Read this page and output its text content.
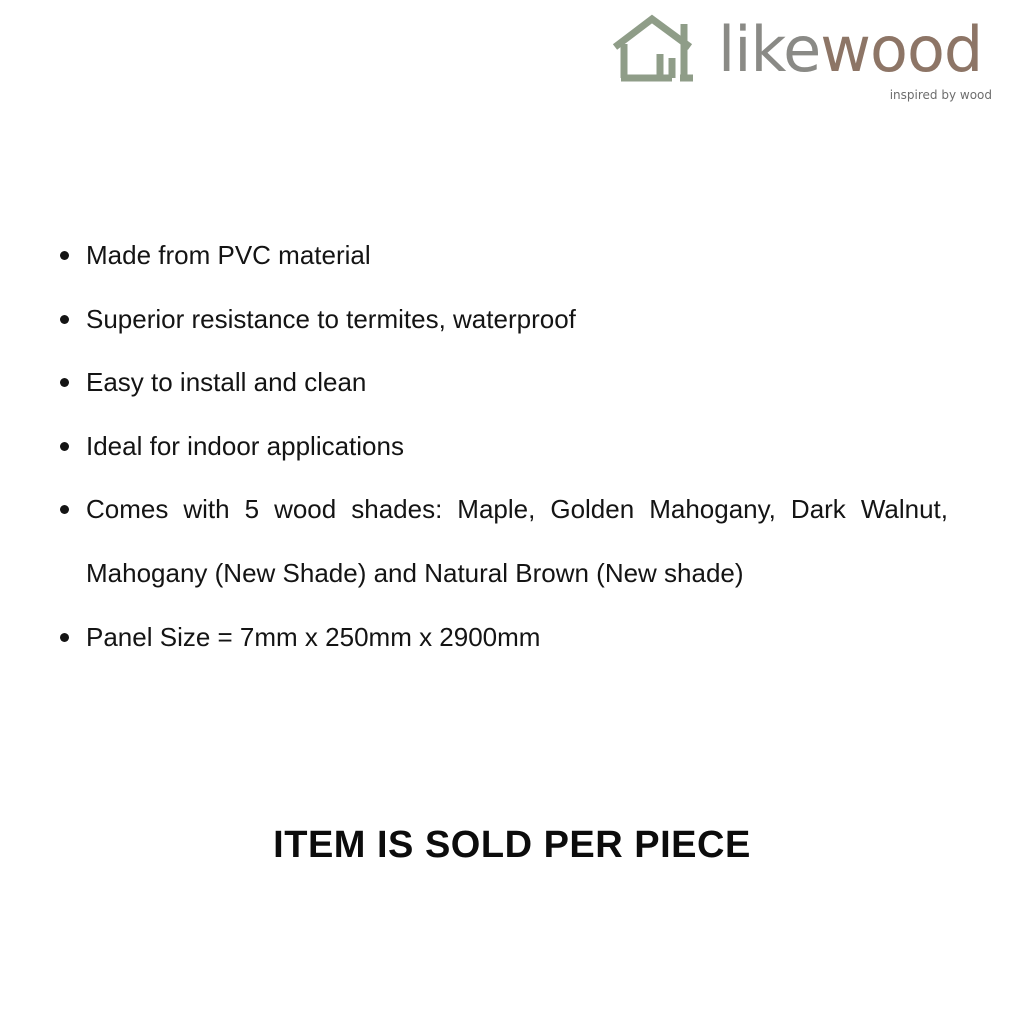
likewood
inspired by wood
Made from PVC material
Superior resistance to termites, waterproof
Easy to install and clean
Ideal for indoor applications
Comes with 5 wood shades: Maple, Golden Mahogany, Dark Walnut, Mahogany (New Shade) and Natural Brown (New shade)
Panel Size = 7mm x 250mm x 2900mm
ITEM IS SOLD PER PIECE
